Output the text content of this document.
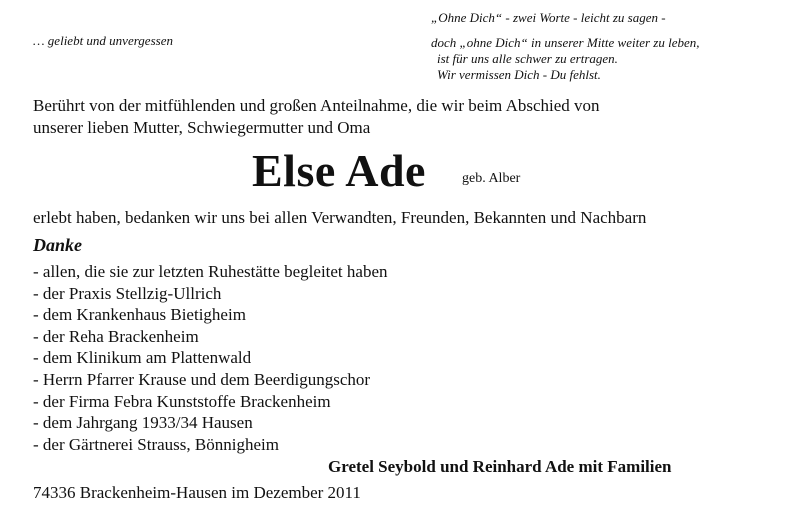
… geliebt und unvergessen
„Ohne Dich“ - zwei Worte - leicht zu sagen -
doch „ohne Dich“ in unserer Mitte weiter zu leben,
ist für uns alle schwer zu ertragen.
Wir vermissen Dich - Du fehlst.
Berührt von der mitfühlenden und großen Anteilnahme, die wir beim Abschied von
unserer lieben Mutter, Schwiegermutter und Oma
Else Ade	geb. Alber
erlebt haben, bedanken wir uns bei allen Verwandten, Freunden, Bekannten und Nachbarn
Danke
- allen, die sie zur letzten Ruhestätte begleitet haben
- der Praxis Stellzig-Ullrich
- dem Krankenhaus Bietigheim
- der Reha Brackenheim
- dem Klinikum am Plattenwald
- Herrn Pfarrer Krause und dem Beerdigungschor
- der Firma Febra Kunststoffe Brackenheim
- dem Jahrgang 1933/34 Hausen
- der Gärtnerei Strauss, Bönnigheim
Gretel Seybold und Reinhard Ade mit Familien
74336 Brackenheim-Hausen im Dezember 2011
